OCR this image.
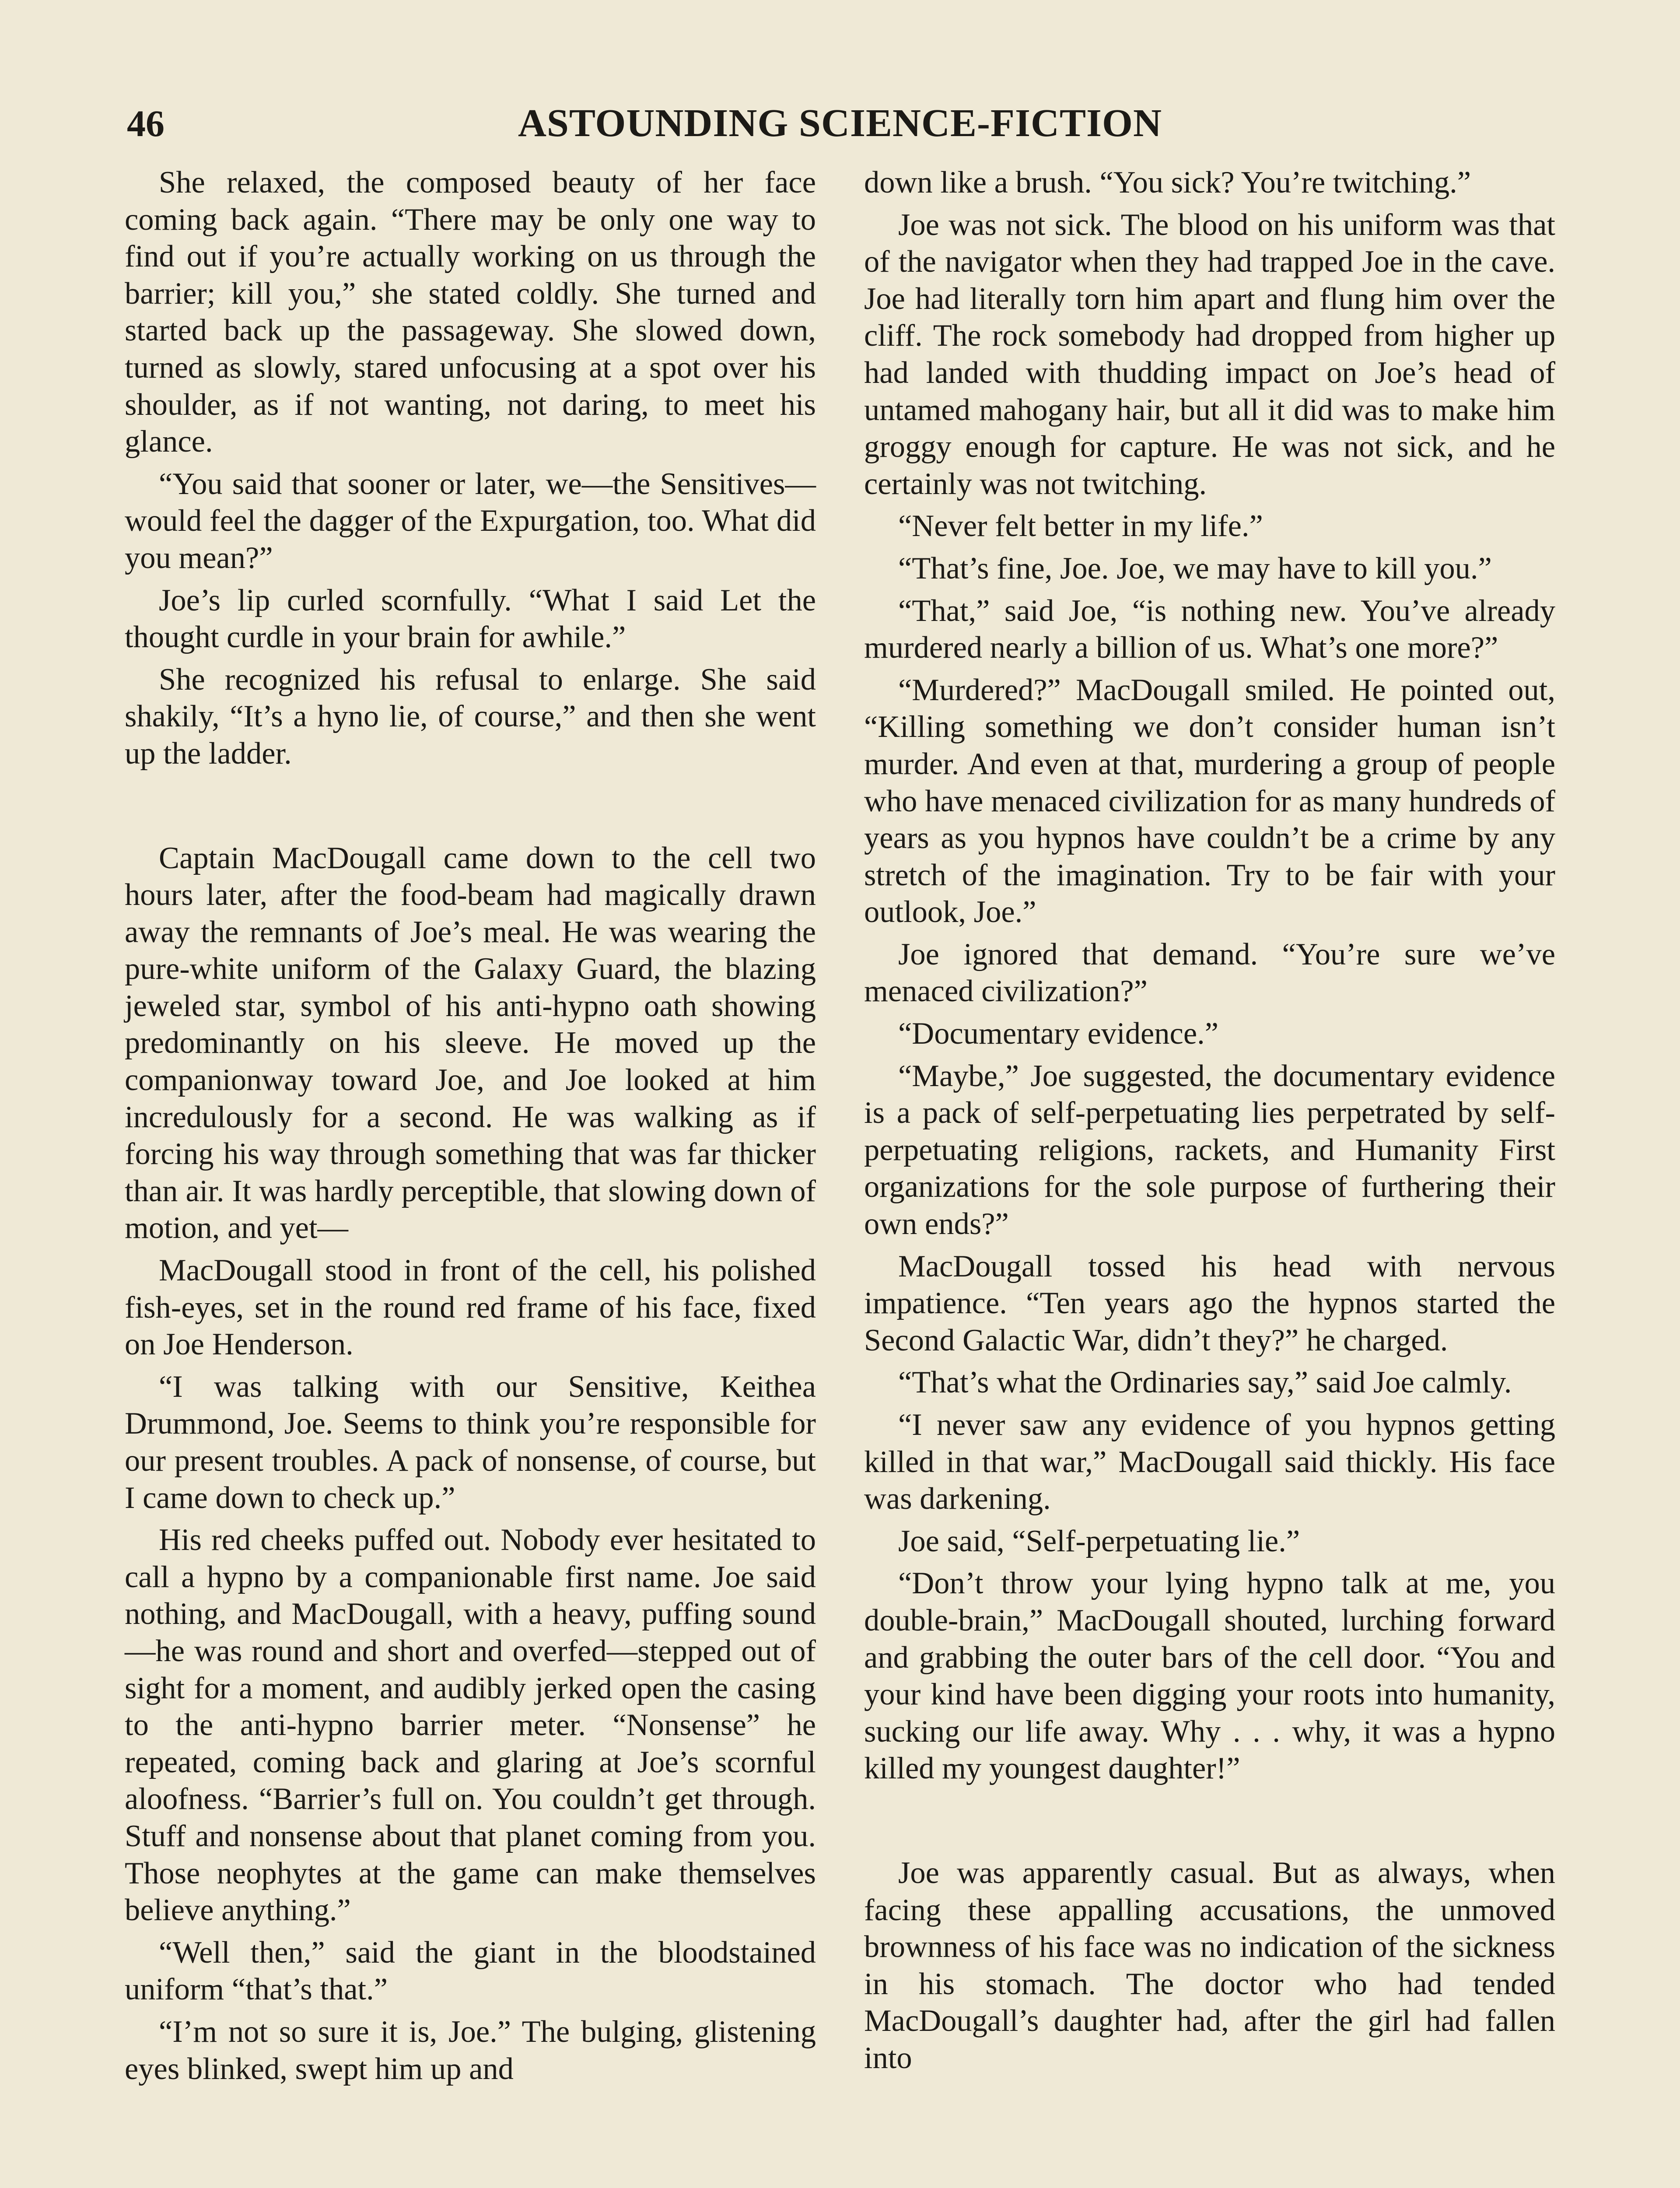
46	ASTOUNDING SCIENCE-FICTION

She relaxed, the composed beauty of her face coming back again. “There may be only one way to find out if you’re actually working on us through the barrier; kill you,” she stated coldly. She turned and started back up the passageway. She slowed down, turned as slowly, stared unfocusing at a spot over his shoulder, as if not wanting, not daring, to meet his glance.

“You said that sooner or later, we—the Sensitives—would feel the dagger of the Expurgation, too. What did you mean?”

Joe’s lip curled scornfully. “What I said Let the thought curdle in your brain for awhile.”

She recognized his refusal to enlarge. She said shakily, “It’s a hyno lie, of course,” and then she went up the ladder.

Captain MacDougall came down to the cell two hours later, after the food-beam had magically drawn away the remnants of Joe’s meal. He was wearing the pure-white uniform of the Galaxy Guard, the blazing jeweled star, symbol of his anti-hypno oath showing predominantly on his sleeve. He moved up the companionway toward Joe, and Joe looked at him incredulously for a second. He was walking as if forcing his way through something that was far thicker than air. It was hardly perceptible, that slowing down of motion, and yet—

MacDougall stood in front of the cell, his polished fish-eyes, set in the round red frame of his face, fixed on Joe Henderson.

“I was talking with our Sensitive, Keithea Drummond, Joe. Seems to think you’re responsible for our present troubles. A pack of nonsense, of course, but I came down to check up.”

His red cheeks puffed out. Nobody ever hesitated to call a hypno by a companionable first name. Joe said nothing, and MacDougall, with a heavy, puffing sound—he was round and short and overfed—stepped out of sight for a moment, and audibly jerked open the casing to the anti-hypno barrier meter. “Nonsense” he repeated, coming back and glaring at Joe’s scornful aloofness. “Barrier’s full on. You couldn’t get through. Stuff and nonsense about that planet coming from you. Those neophytes at the game can make themselves believe anything.”

“Well then,” said the giant in the bloodstained uniform “that’s that.”

“I’m not so sure it is, Joe.” The bulging, glistening eyes blinked, swept him up and

down like a brush. “You sick? You’re twitching.”

Joe was not sick. The blood on his uniform was that of the navigator when they had trapped Joe in the cave. Joe had literally torn him apart and flung him over the cliff. The rock somebody had dropped from higher up had landed with thudding impact on Joe’s head of untamed mahogany hair, but all it did was to make him groggy enough for capture. He was not sick, and he certainly was not twitching.

“Never felt better in my life.”

“That’s fine, Joe. Joe, we may have to kill you.”

“That,” said Joe, “is nothing new. You’ve already murdered nearly a billion of us. What’s one more?”

“Murdered?” MacDougall smiled. He pointed out, “Killing something we don’t consider human isn’t murder. And even at that, murdering a group of people who have menaced civilization for as many hundreds of years as you hypnos have couldn’t be a crime by any stretch of the imagination. Try to be fair with your outlook, Joe.”

Joe ignored that demand. “You’re sure we’ve menaced civilization?”

“Documentary evidence.”

“Maybe,” Joe suggested, the documentary evidence is a pack of self-perpetuating lies perpetrated by self-perpetuating religions, rackets, and Humanity First organizations for the sole purpose of furthering their own ends?”

MacDougall tossed his head with nervous impatience. “Ten years ago the hypnos started the Second Galactic War, didn’t they?” he charged.

“That’s what the Ordinaries say,” said Joe calmly.

“I never saw any evidence of you hypnos getting killed in that war,” MacDougall said thickly. His face was darkening.

Joe said, “Self-perpetuating lie.”

“Don’t throw your lying hypno talk at me, you double-brain,” MacDougall shouted, lurching forward and grabbing the outer bars of the cell door. “You and your kind have been digging your roots into humanity, sucking our life away. Why . . . why, it was a hypno killed my youngest daughter!”

Joe was apparently casual. But as always, when facing these appalling accusations, the unmoved brownness of his face was no indication of the sickness in his stomach. The doctor who had tended MacDougall’s daughter had, after the girl had fallen into
